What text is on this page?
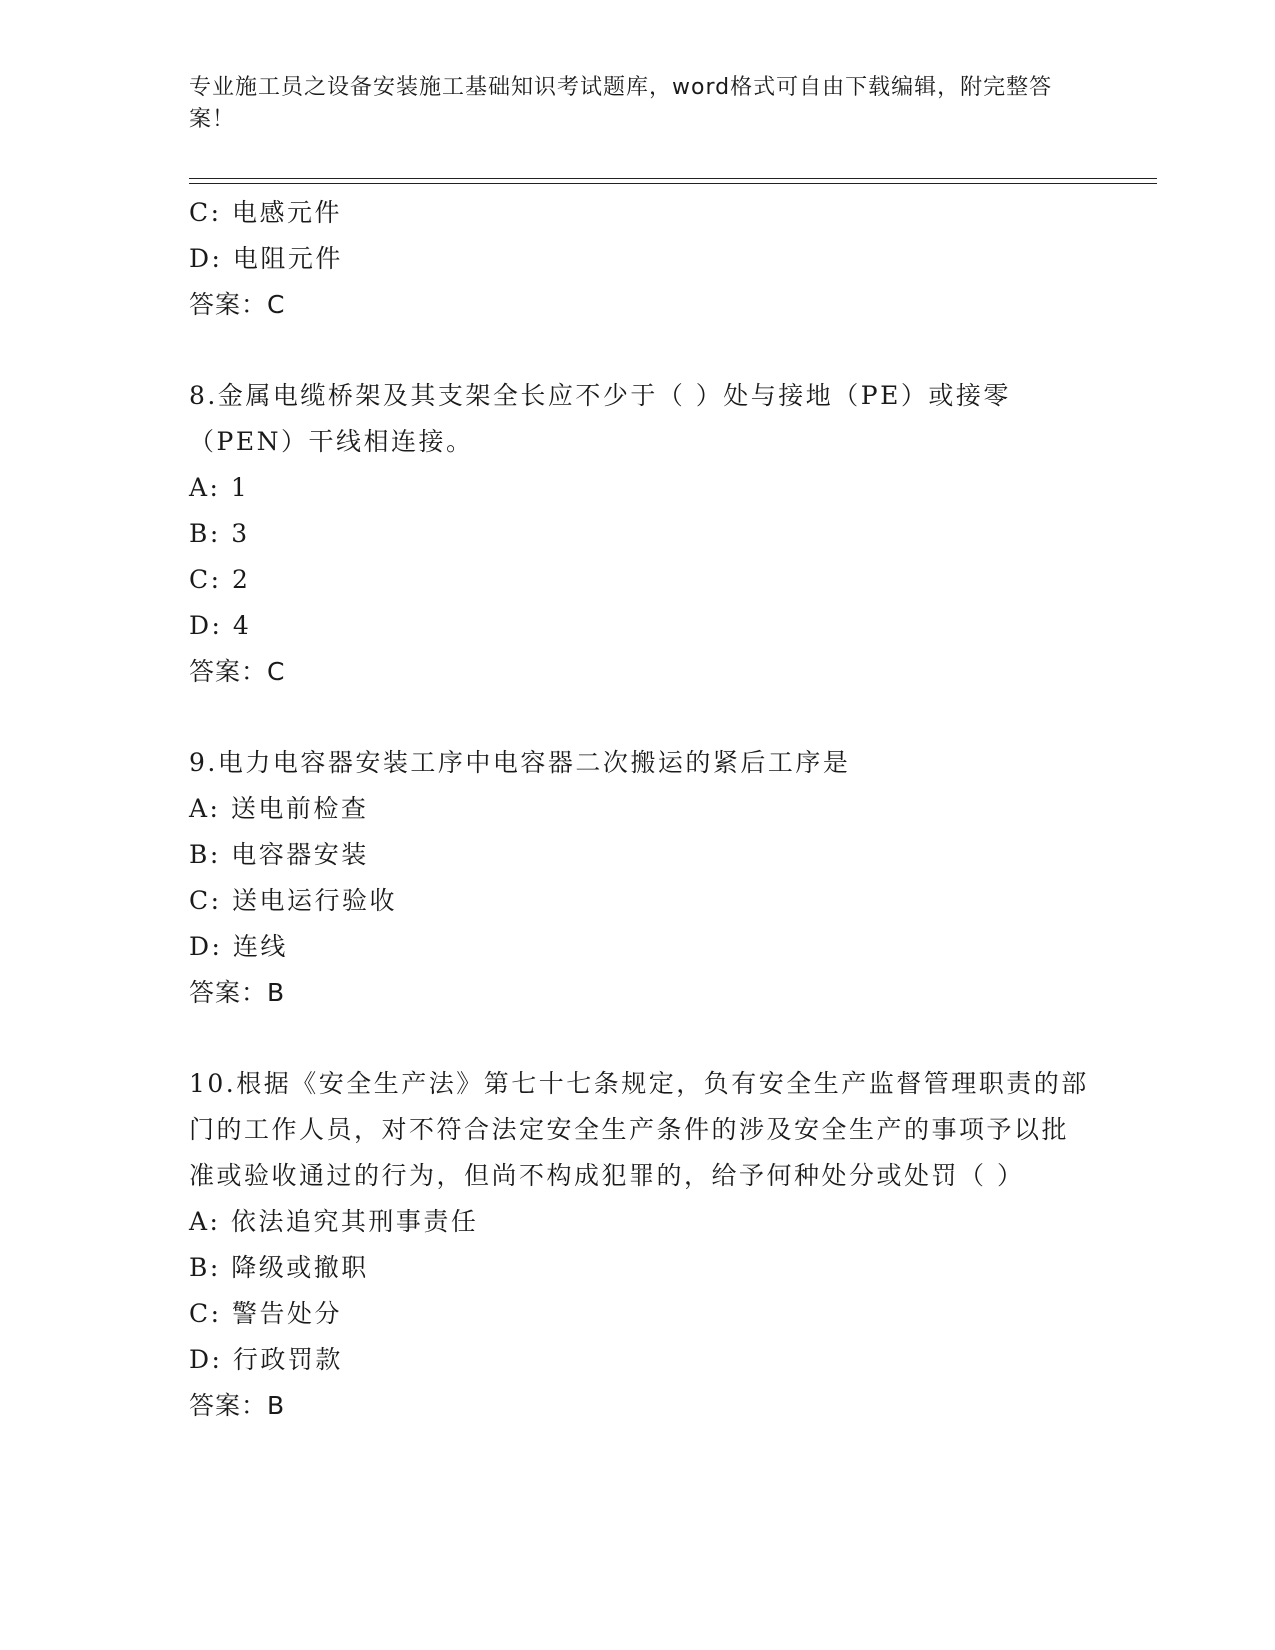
专业施工员之设备安装施工基础知识考试题库，word格式可自由下载编辑，附完整答案！
C: 电感元件
D: 电阻元件
答案：C
8.金属电缆桥架及其支架全长应不少于（ ）处与接地（PE）或接零（PEN）干线相连接。
A: 1
B: 3
C: 2
D: 4
答案：C
9.电力电容器安装工序中电容器二次搬运的紧后工序是
A: 送电前检查
B: 电容器安装
C: 送电运行验收
D: 连线
答案：B
10.根据《安全生产法》第七十七条规定，负有安全生产监督管理职责的部门的工作人员，对不符合法定安全生产条件的涉及安全生产的事项予以批准或验收通过的行为，但尚不构成犯罪的，给予何种处分或处罚（ ）
A: 依法追究其刑事责任
B: 降级或撤职
C: 警告处分
D: 行政罚款
答案：B
